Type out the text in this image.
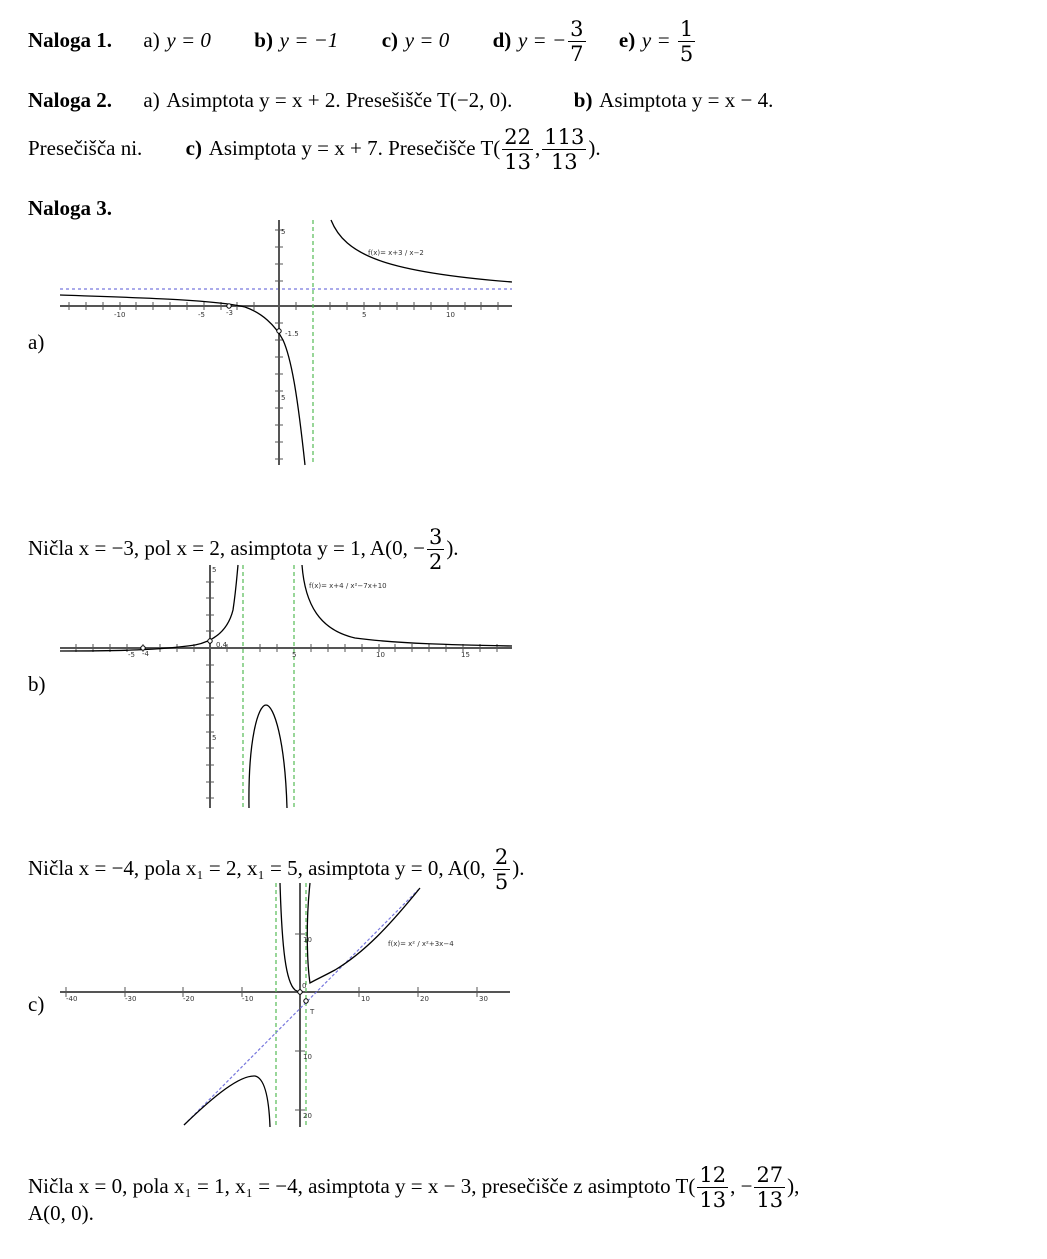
Naloga 1. a) y = 0 b) y = −1 c) y = 0 d) y = − $\frac{3}{7} e$) $y = \frac{1}{5}$
Naloga 2. a) Asimptota y = x + 2. Presešišče T(−2, 0).	b) Asimptota y = x − 4.
Presečišča ni. c) Asimptota y = x + 7. Presečišče $T( \frac{22}{13}$ , $\frac{113}{13}$ ).
Naloga 3.
a)
-10	-5	5	10
5
5
-3
-1.5
f(x)= x+3 / x−2
Ničla x = −3, pol x = 2, asimptota y = 1, A(0, − $\frac{3}{2}$ ).
b)
-5	5	10	15
5
5
-4
0.4
f(x)= x+4 / x²−7x+10
Ničla x = −4, pola x₁ = 2, x₁ = 5, asimptota y = 0, A(0, $\frac{2}{5}$ ).
c)	-40	-30	-20	-10	10	20	30
10
10
20
0
T
f(x)= x² / x²+3x−4
Ničla x = 0, pola x₁ = 1, x₁ = −4, asimptota y = x − 3, presečišče z asimptoto $T( \frac{12}{13}$ , − $\frac{27}{13}$ ),
A(0, 0).
